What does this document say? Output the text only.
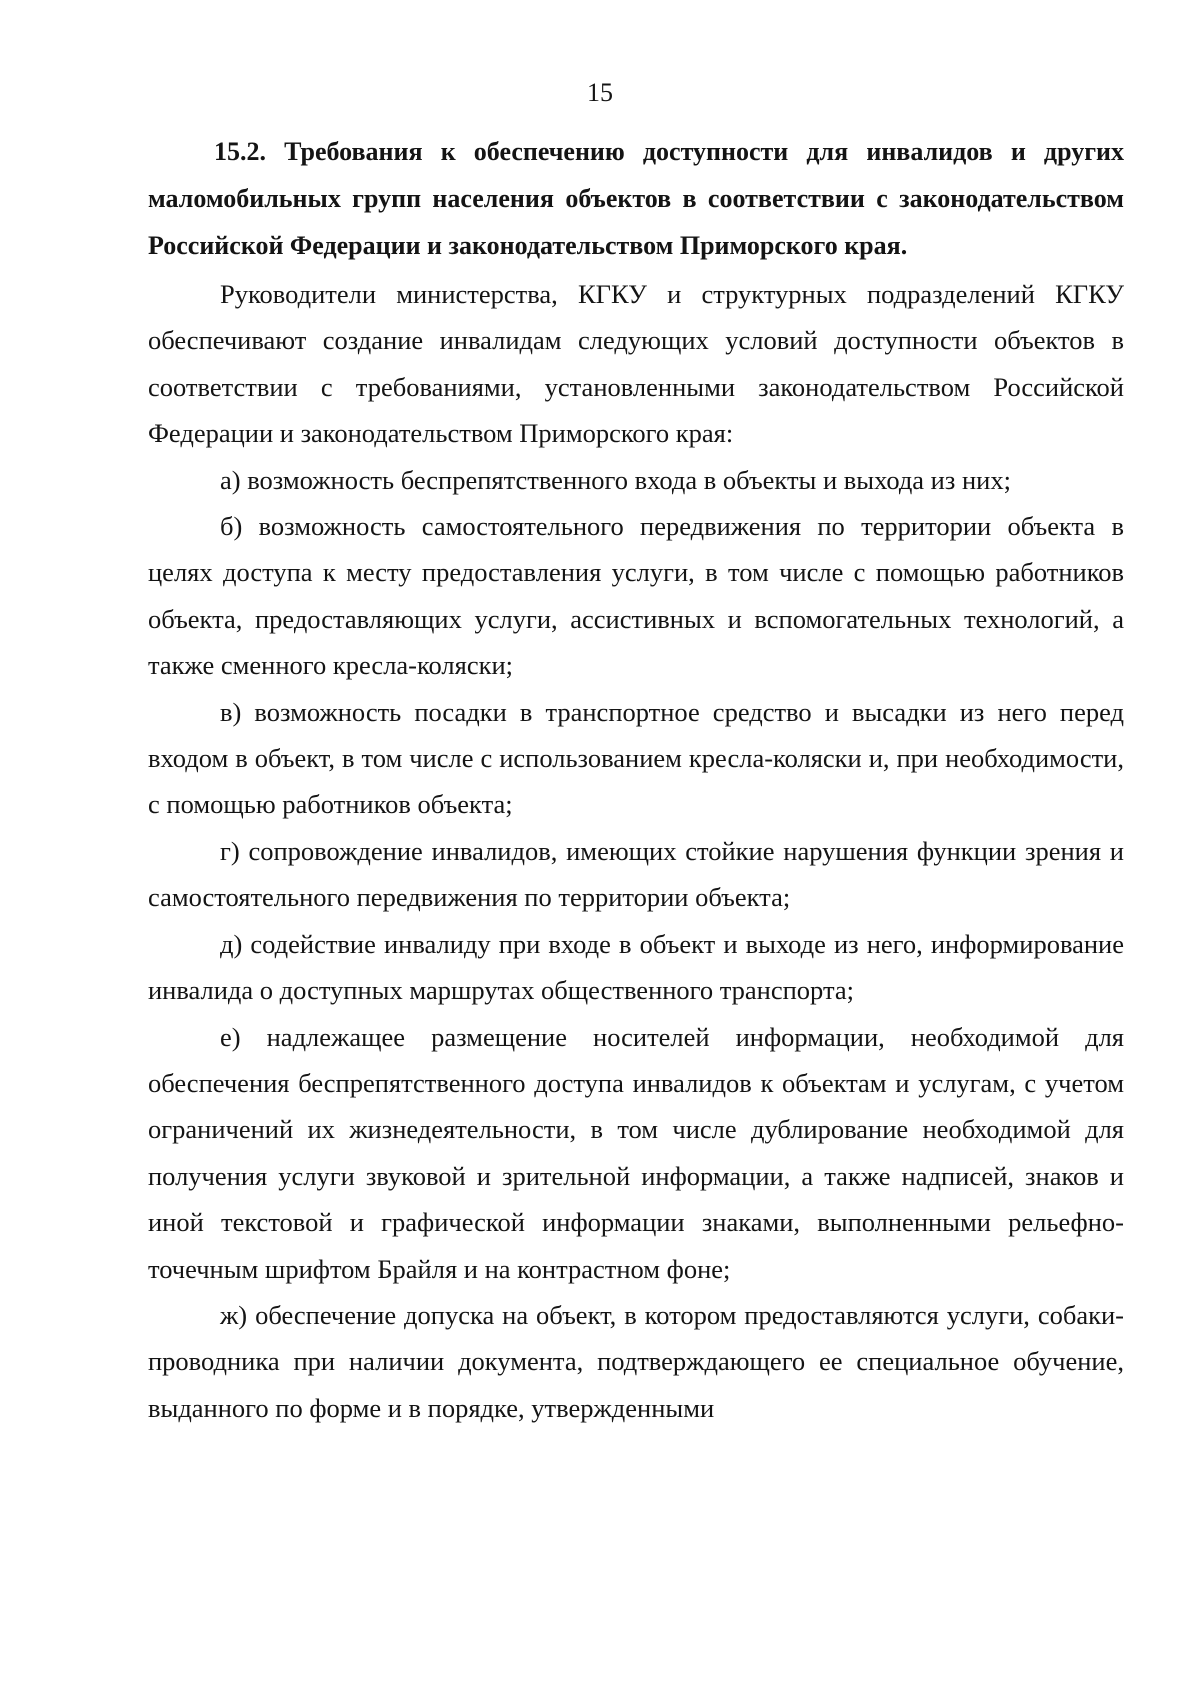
15

15.2. Требования к обеспечению доступности для инвалидов и других маломобильных групп населения объектов в соответствии с законодательством Российской Федерации и законодательством Приморского края.

Руководители министерства, КГКУ и структурных подразделений КГКУ обеспечивают создание инвалидам следующих условий доступности объектов в соответствии с требованиями, установленными законодательством Российской Федерации и законодательством Приморского края:

а) возможность беспрепятственного входа в объекты и выхода из них;

б) возможность самостоятельного передвижения по территории объекта в целях доступа к месту предоставления услуги, в том числе с помощью работников объекта, предоставляющих услуги, ассистивных и вспомогательных технологий, а также сменного кресла-коляски;

в) возможность посадки в транспортное средство и высадки из него перед входом в объект, в том числе с использованием кресла-коляски и, при необходимости, с помощью работников объекта;

г) сопровождение инвалидов, имеющих стойкие нарушения функции зрения и самостоятельного передвижения по территории объекта;

д) содействие инвалиду при входе в объект и выходе из него, информирование инвалида о доступных маршрутах общественного транспорта;

е) надлежащее размещение носителей информации, необходимой для обеспечения беспрепятственного доступа инвалидов к объектам и услугам, с учетом ограничений их жизнедеятельности, в том числе дублирование необходимой для получения услуги звуковой и зрительной информации, а также надписей, знаков и иной текстовой и графической информации знаками, выполненными рельефно-точечным шрифтом Брайля и на контрастном фоне;

ж) обеспечение допуска на объект, в котором предоставляются услуги, собаки-проводника при наличии документа, подтверждающего ее специальное обучение, выданного по форме и в порядке, утвержденными
